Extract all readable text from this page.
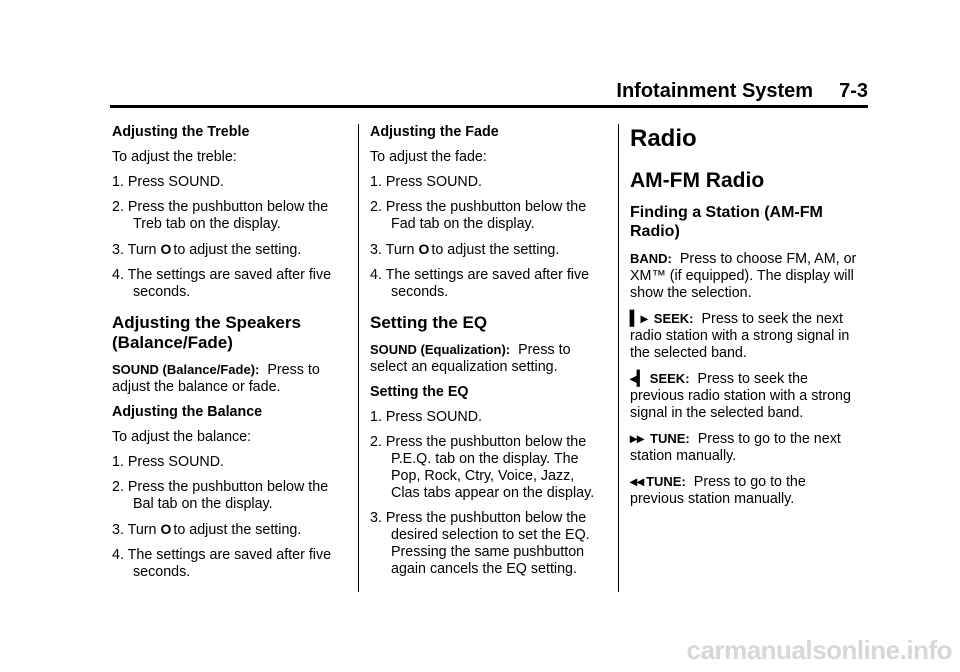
Infotainment System 7-3

Adjusting the Treble

To adjust the treble:

1. Press SOUND.

2. Press the pushbutton below the Treb tab on the display.

3. Turn O to adjust the setting.

4. The settings are saved after five seconds.

Adjusting the Speakers (Balance/Fade)

SOUND (Balance/Fade): Press to adjust the balance or fade.

Adjusting the Balance

To adjust the balance:

1. Press SOUND.

2. Press the pushbutton below the Bal tab on the display.

3. Turn O to adjust the setting.

4. The settings are saved after five seconds.

Adjusting the Fade

To adjust the fade:

1. Press SOUND.

2. Press the pushbutton below the Fad tab on the display.

3. Turn O to adjust the setting.

4. The settings are saved after five seconds.

Setting the EQ

SOUND (Equalization): Press to select an equalization setting.

Setting the EQ

1. Press SOUND.

2. Press the pushbutton below the P.E.Q. tab on the display. The Pop, Rock, Ctry, Voice, Jazz, Clas tabs appear on the display.

3. Press the pushbutton below the desired selection to set the EQ. Pressing the same pushbutton again cancels the EQ setting.

Radio
AM-FM Radio
Finding a Station (AM-FM Radio)

BAND: Press to choose FM, AM, or XM™ (if equipped). The display will show the selection.

▍▸ SEEK: Press to seek the next radio station with a strong signal in the selected band.

◂▎ SEEK: Press to seek the previous radio station with a strong signal in the selected band.

▸▸ TUNE: Press to go to the next station manually.

◂◂ TUNE: Press to go to the previous station manually.

carmanualsonline.info
